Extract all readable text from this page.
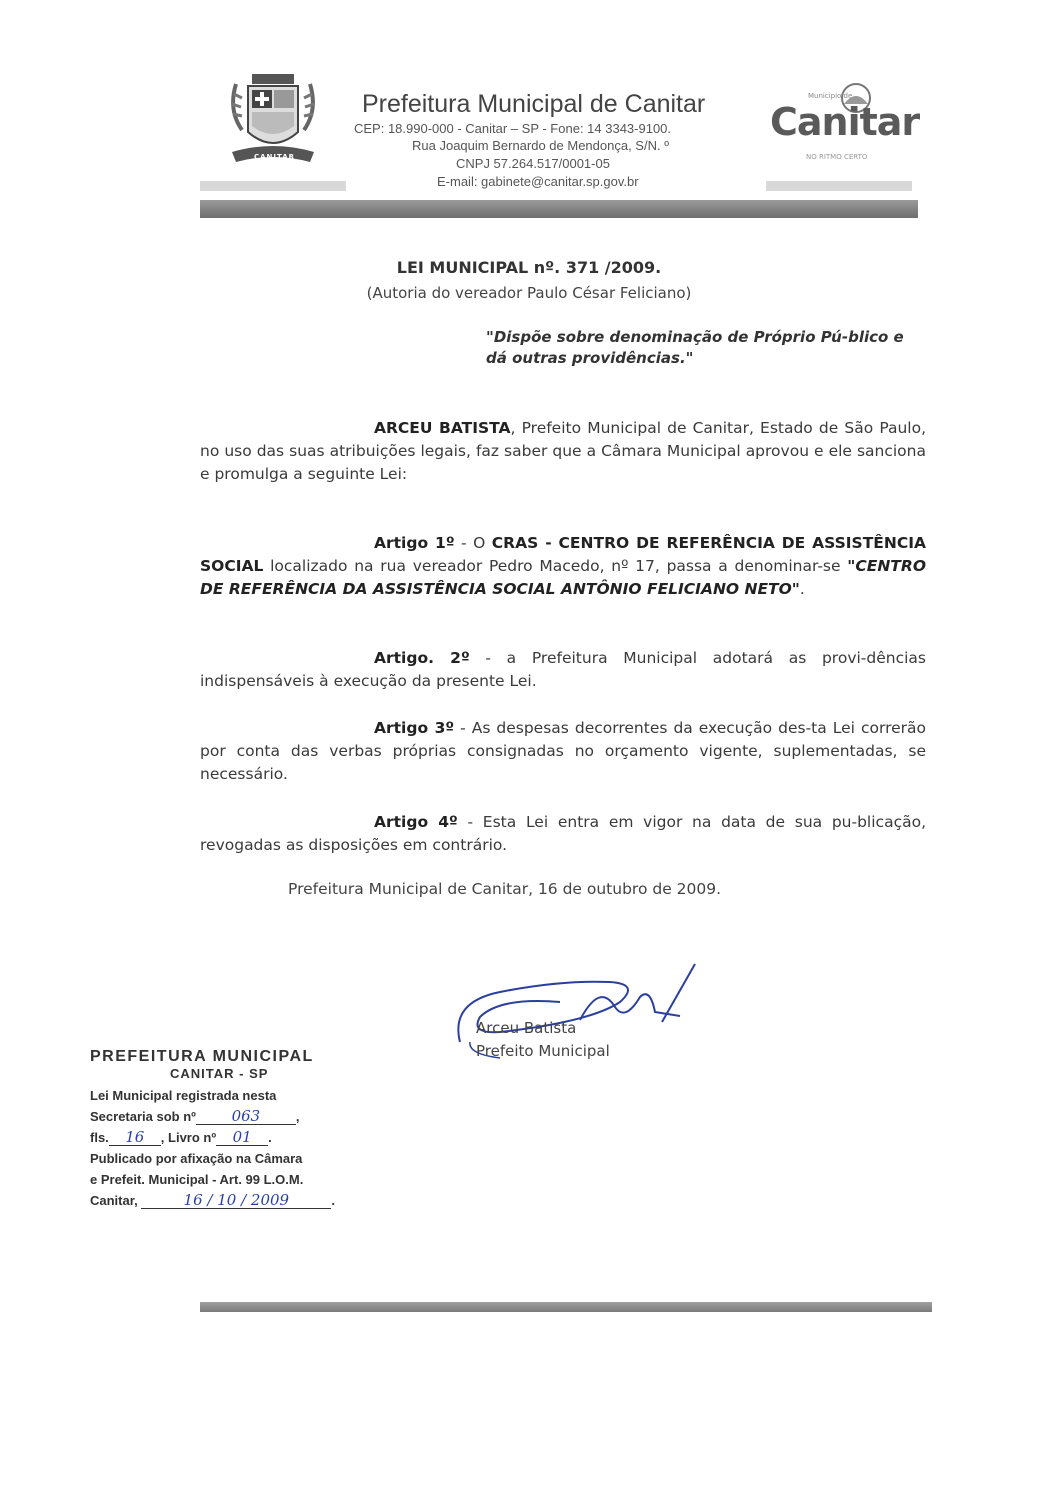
CANITAR
Prefeitura Municipal de Canitar
CEP: 18.990-000 - Canitar – SP - Fone: 14 3343-9100.
Rua Joaquim Bernardo de Mendonça, S/N. º
CNPJ 57.264.517/0001-05
E-mail: gabinete@canitar.sp.gov.br
Municipio de
Canitar
NO RITMO CERTO
LEI MUNICIPAL nº. 371 /2009.
(Autoria do vereador Paulo César Feliciano)
"Dispõe sobre denominação de Próprio Pú-blico e dá outras providências."
ARCEU BATISTA, Prefeito Municipal de Canitar, Estado de São Paulo, no uso das suas atribuições legais, faz saber que a Câmara Municipal aprovou e ele sanciona e promulga a seguinte Lei:
Artigo 1º - O CRAS - CENTRO DE REFERÊNCIA DE ASSISTÊNCIA SOCIAL localizado na rua vereador Pedro Macedo, nº 17, passa a denominar-se "CENTRO DE REFERÊNCIA DA ASSISTÊNCIA SOCIAL ANTÔNIO FELICIANO NETO".
Artigo. 2º - a Prefeitura Municipal adotará as provi-dências indispensáveis à execução da presente Lei.
Artigo 3º - As despesas decorrentes da execução des-ta Lei correrão por conta das verbas próprias consignadas no orçamento vigente, suplementadas, se necessário.
Artigo 4º - Esta Lei entra em vigor na data de sua pu-blicação, revogadas as disposições em contrário.
Prefeitura Municipal de Canitar, 16 de outubro de 2009.
Arceu Batista
Prefeito Municipal
PREFEITURA MUNICIPAL
CANITAR - SP
Lei Municipal registrada nesta
Secretaria sob nº 063	,
fls. 16 , Livro nº 01 .
Publicado por afixação na Câmara
e Prefeit. Municipal - Art. 99 L.O.M.
Canitar,	16 / 10 / 2009	.
